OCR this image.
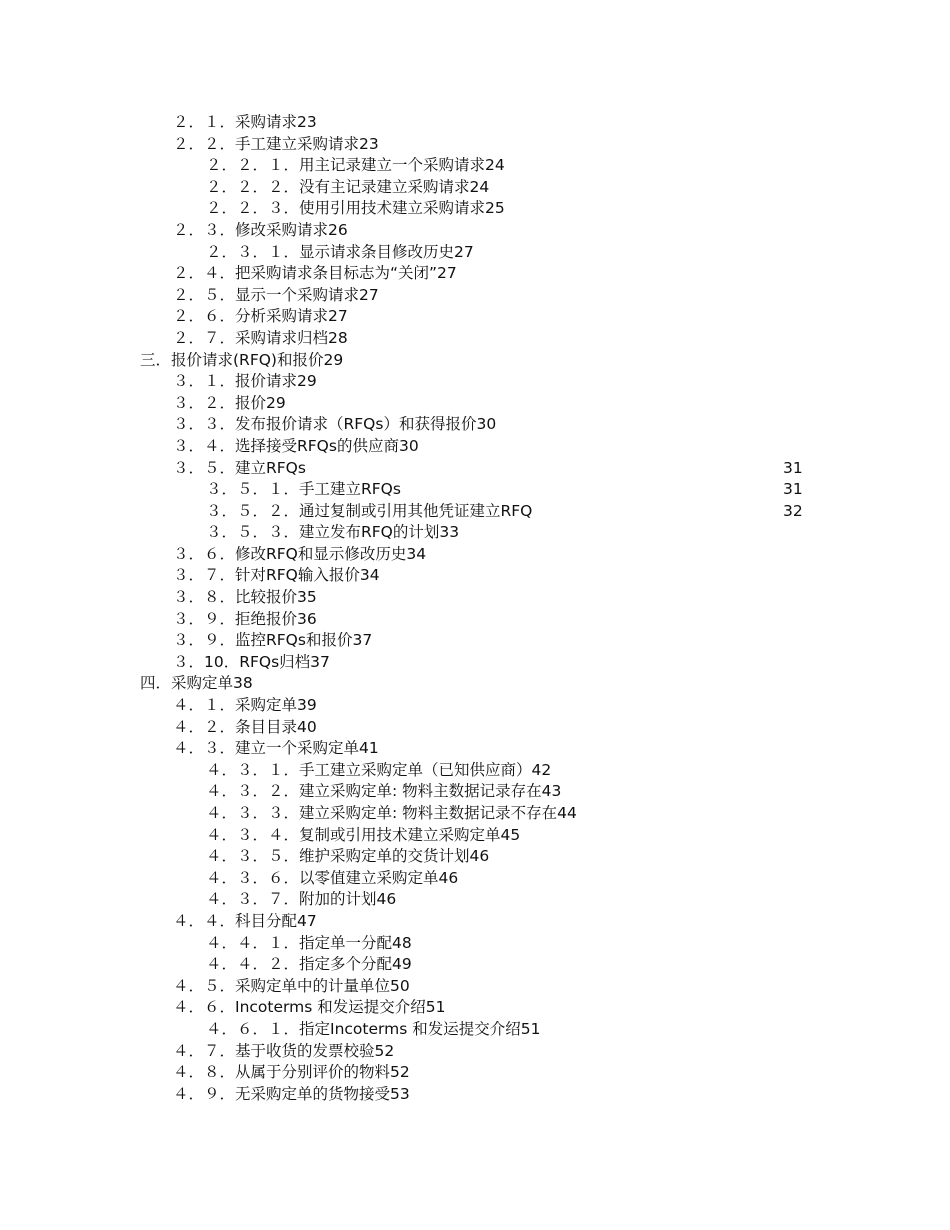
２．１．采购请求23
２．２．手工建立采购请求23
２．２．１．用主记录建立一个采购请求24
２．２．２．没有主记录建立采购请求24
２．２．３．使用引用技术建立采购请求25
２．３．修改采购请求26
２．３．１．显示请求条目修改历史27
２．４．把采购请求条目标志为“关闭”27
２．５．显示一个采购请求27
２．６．分析采购请求27
２．７．采购请求归档28
三．报价请求(RFQ)和报价29
３．１．报价请求29
３．２．报价29
３．３．发布报价请求（RFQs）和获得报价30
３．４．选择接受RFQs的供应商30
３．５．建立RFQs	31
３．５．１．手工建立RFQs	31
３．５．２．通过复制或引用其他凭证建立RFQ	32
３．５．３．建立发布RFQ的计划33
３．６．修改RFQ和显示修改历史34
３．７．针对RFQ输入报价34
３．８．比较报价35
３．９．拒绝报价36
３．９．监控RFQs和报价37
３．10．RFQs归档37
四．采购定单38
４．１．采购定单39
４．２．条目目录40
４．３．建立一个采购定单41
４．３．１．手工建立采购定单（已知供应商）42
４．３．２．建立采购定单: 物料主数据记录存在43
４．３．３．建立采购定单: 物料主数据记录不存在44
４．３．４．复制或引用技术建立采购定单45
４．３．５．维护采购定单的交货计划46
４．３．６．以零值建立采购定单46
４．３．７．附加的计划46
４．４．科目分配47
４．４．１．指定单一分配48
４．４．２．指定多个分配49
４．５．采购定单中的计量单位50
４．６．Incoterms 和发运提交介绍51
４．６．１．指定Incoterms 和发运提交介绍51
４．７．基于收货的发票校验52
４．８．从属于分别评价的物料52
４．９．无采购定单的货物接受53
